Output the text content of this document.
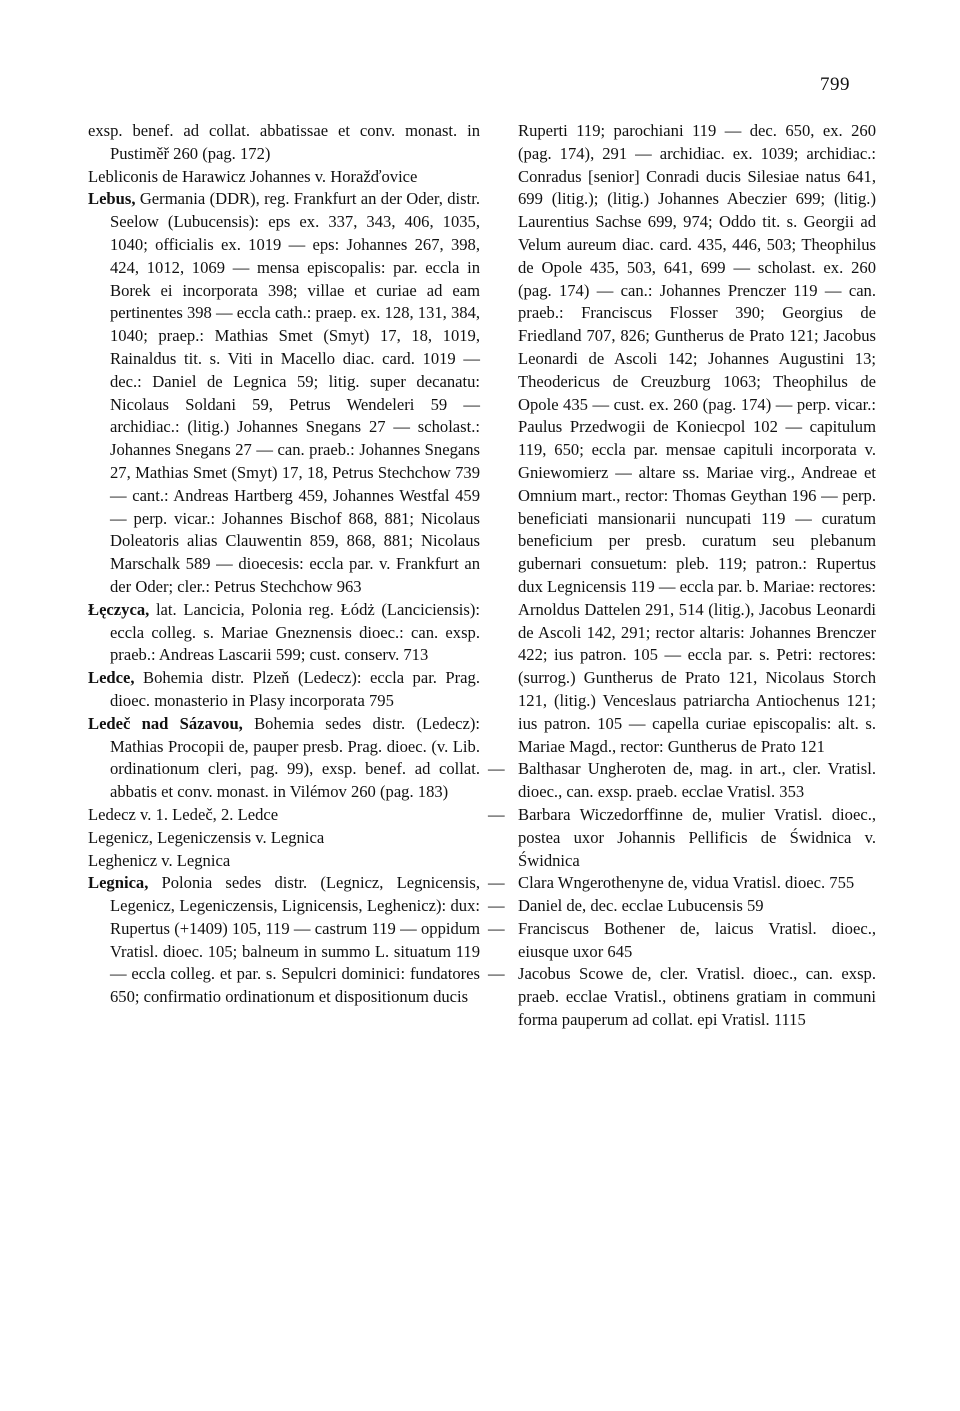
799

exsp. benef. ad collat. abbatissae et conv. monast. in Pustiměř 260 (pag. 172)

Lebliconis de Harawicz Johannes v. Horažďovice

Lebus, Germania (DDR), reg. Frankfurt an der Oder, distr. Seelow (Lubucensis): eps ex. 337, 343, 406, 1035, 1040; officialis ex. 1019 — eps: Johannes 267, 398, 424, 1012, 1069 — mensa episcopalis: par. eccla in Borek ei incorporata 398; villae et curiae ad eam pertinentes 398 — eccla cath.: praep. ex. 128, 131, 384, 1040; praep.: Mathias Smet (Smyt) 17, 18, 1019, Rainaldus tit. s. Viti in Macello diac. card. 1019 — dec.: Daniel de Legnica 59; litig. super decanatu: Nicolaus Soldani 59, Petrus Wendeleri 59 — archidiac.: (litig.) Johannes Snegans 27 — scholast.: Johannes Snegans 27 — can. praeb.: Johannes Snegans 27, Mathias Smet (Smyt) 17, 18, Petrus Stechchow 739 — cant.: Andreas Hartberg 459, Johannes Westfal 459 — perp. vicar.: Johannes Bischof 868, 881; Nicolaus Doleatoris alias Clauwentin 859, 868, 881; Nicolaus Marschalk 589 — dioecesis: eccla par. v. Frankfurt an der Oder; cler.: Petrus Stechchow 963

Łęczyca, lat. Lancicia, Polonia reg. Łódż (Lanciciensis): eccla colleg. s. Mariae Gneznensis dioec.: can. exsp. praeb.: Andreas Lascarii 599; cust. conserv. 713

Ledce, Bohemia distr. Plzeň (Ledecz): eccla par. Prag. dioec. monasterio in Plasy incorporata 795

Ledeč nad Sázavou, Bohemia sedes distr. (Ledecz): Mathias Procopii de, pauper presb. Prag. dioec. (v. Lib. ordinationum cleri, pag. 99), exsp. benef. ad collat. abbatis et conv. monast. in Vilémov 260 (pag. 183)

Ledecz v. 1. Ledeč, 2. Ledce

Legenicz, Legeniczensis v. Legnica

Leghenicz v. Legnica

Legnica, Polonia sedes distr. (Legnicz, Legnicensis, Legenicz, Legeniczensis, Lignicensis, Leghenicz): dux: Rupertus (+1409) 105, 119 — castrum 119 — oppidum Vratisl. dioec. 105; balneum in summo L. situatum 119 — eccla colleg. et par. s. Sepulcri dominici: fundatores 650; confirmatio ordinationum et dispositionum ducis

Ruperti 119; parochiani 119 — dec. 650, ex. 260 (pag. 174), 291 — archidiac. ex. 1039; archidiac.: Conradus [senior] Conradi ducis Silesiae natus 641, 699 (litig.); (litig.) Johannes Abeczier 699; (litig.) Laurentius Sachse 699, 974; Oddo tit. s. Georgii ad Velum aureum diac. card. 435, 446, 503; Theophilus de Opole 435, 503, 641, 699 — scholast. ex. 260 (pag. 174) — can.: Johannes Prenczer 119 — can. praeb.: Franciscus Flosser 390; Georgius de Friedland 707, 826; Guntherus de Prato 121; Jacobus Leonardi de Ascoli 142; Johannes Augustini 13; Theodericus de Creuzburg 1063; Theophilus de Opole 435 — cust. ex. 260 (pag. 174) — perp. vicar.: Paulus Przedwogii de Koniecpol 102 — capitulum 119, 650; eccla par. mensae capituli incorporata v. Gniewomierz — altare ss. Mariae virg., Andreae et Omnium mart., rector: Thomas Geythan 196 — perp. beneficiati mansionarii nuncupati 119 — curatum beneficium per presb. curatum seu plebanum gubernari consuetum: pleb. 119; patron.: Rupertus dux Legnicensis 119 — eccla par. b. Mariae: rectores: Arnoldus Dattelen 291, 514 (litig.), Jacobus Leonardi de Ascoli 142, 291; rector altaris: Johannes Brenczer 422; ius patron. 105 — eccla par. s. Petri: rectores: (surrog.) Guntherus de Prato 121, Nicolaus Storch 121, (litig.) Venceslaus patriarcha Antiochenus 121; ius patron. 105 — capella curiae episcopalis: alt. s. Mariae Magd., rector: Guntherus de Prato 121

— Balthasar Ungheroten de, mag. in art., cler. Vratisl. dioec., can. exsp. praeb. ecclae Vratisl. 353

— Barbara Wiczedorffinne de, mulier Vratisl. dioec., postea uxor Johannis Pellificis de Świdnica v. Świdnica

— Clara Wngerothenyne de, vidua Vratisl. dioec. 755

— Daniel de, dec. ecclae Lubucensis 59

— Franciscus Bothener de, laicus Vratisl. dioec., eiusque uxor 645

— Jacobus Scowe de, cler. Vratisl. dioec., can. exsp. praeb. ecclae Vratisl., obtinens gratiam in communi forma pauperum ad collat. epi Vratisl. 1115
